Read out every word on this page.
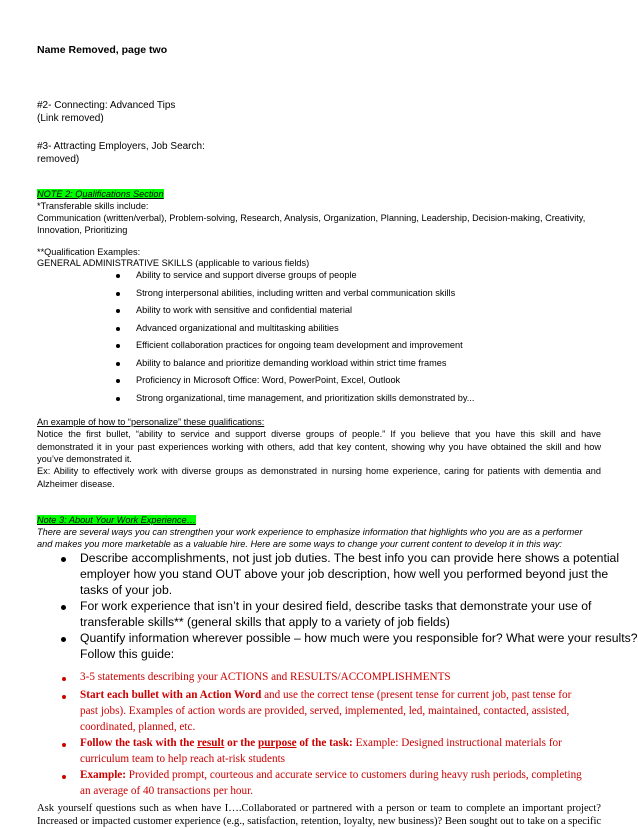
Name Removed, page two
#2- Connecting: Advanced Tips
(Link removed)
#3- Attracting Employers, Job Search:
removed)
NOTE 2: Qualifications Section
*Transferable skills include:
Communication (written/verbal), Problem-solving, Research, Analysis, Organization, Planning, Leadership, Decision-making, Creativity,
Innovation, Prioritizing
**Qualification Examples:
GENERAL ADMINISTRATIVE SKILLS (applicable to various fields)
Ability to service and support diverse groups of people
Strong interpersonal abilities, including written and verbal communication skills
Ability to work with sensitive and confidential material
Advanced organizational and multitasking abilities
Efficient collaboration practices for ongoing team development and improvement
Ability to balance and prioritize demanding workload within strict time frames
Proficiency in Microsoft Office: Word, PowerPoint, Excel, Outlook
Strong organizational, time management, and prioritization skills demonstrated by...
An example of how to “personalize” these qualifications:
Notice the first bullet, “ability to service and support diverse groups of people.” If you believe that you have this skill and have
demonstrated it in your past experiences working with others, add that key content, showing why you have obtained the skill and how
you’ve demonstrated it.
Ex: Ability to effectively work with diverse groups as demonstrated in nursing home experience, caring for patients with dementia and
Alzheimer disease.
Note 3: About Your Work Experience…
There are several ways you can strengthen your work experience to emphasize information that highlights who you are as a performer
and makes you more marketable as a valuable hire. Here are some ways to change your current content to develop it in this way:
Describe accomplishments, not just job duties. The best info you can provide here shows a potential
employer how you stand OUT above your job description, how well you performed beyond just the
tasks of your job.
For work experience that isn’t in your desired field, describe tasks that demonstrate your use of
transferable skills** (general skills that apply to a variety of job fields)
Quantify information wherever possible – how much were you responsible for? What were your results?
Follow this guide:
3-5 statements describing your ACTIONS and RESULTS/ACCOMPLISHMENTS
Start each bullet with an Action Word and use the correct tense (present tense for current job, past tense for
past jobs). Examples of action words are provided, served, implemented, led, maintained, contacted, assisted,
coordinated, planned, etc.
Follow the task with the result or the purpose of the task: Example: Designed instructional materials for
curriculum team to help reach at-risk students
Example: Provided prompt, courteous and accurate service to customers during heavy rush periods, completing
an average of 40 transactions per hour.
Ask yourself questions such as when have I….Collaborated or partnered with a person or team to complete an important project?
Increased or impacted customer experience (e.g., satisfaction, retention, loyalty, new business)? Been sought out to take on a specific
